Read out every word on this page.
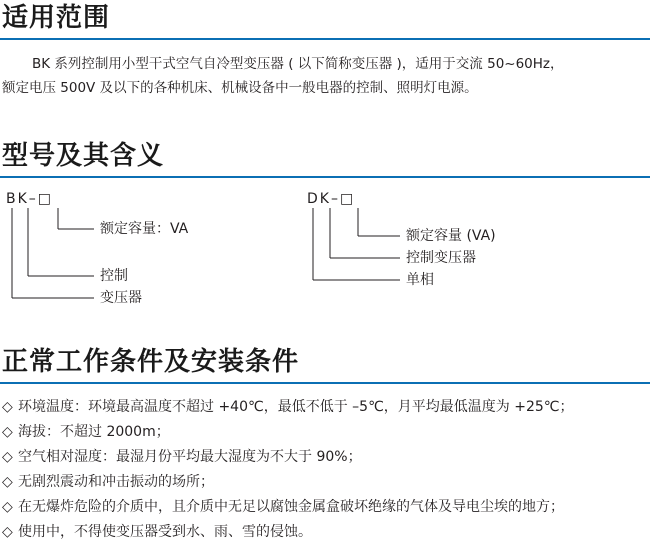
适用范围
BK 系列控制用小型干式空气自冷型变压器 ( 以下简称变压器 )，适用于交流 50~60Hz，
额定电压 500V 及以下的各种机床、机械设备中一般电器的控制、照明灯电源。
型号及其含义
BK–□
额定容量：VA
控制
变压器
DK–□
额定容量 (VA)
控制变压器
单相
正常工作条件及安装条件
◇ 环境温度：环境最高温度不超过 +40℃，最低不低于 –5℃，月平均最低温度为 +25℃；
◇ 海拔：不超过 2000m；
◇ 空气相对湿度：最湿月份平均最大湿度为不大于 90%；
◇ 无剧烈震动和冲击振动的场所；
◇ 在无爆炸危险的介质中，且介质中无足以腐蚀金属盒破坏绝缘的气体及导电尘埃的地方；
◇ 使用中，不得使变压器受到水、雨、雪的侵蚀。
